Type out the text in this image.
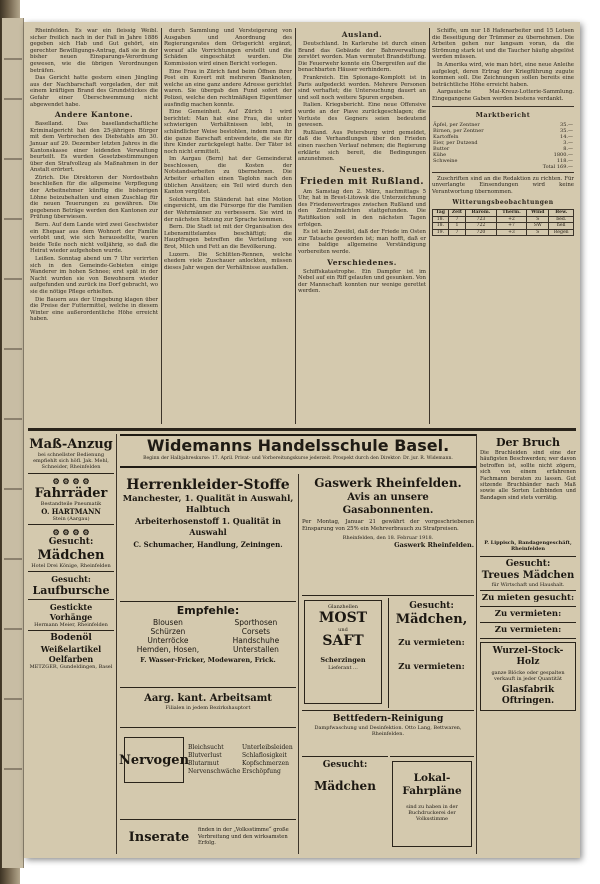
Rheinfelden. Es war ein fleissig Weibl. sicher freilich nach in der Fall in Jahre 1886 gegeben sich Hab und Gut gehört, ein gerechter Bewilligungs-Antrag, daß sie in der bisher neuen Einsparungs-Verordnung gewesen, wie die übrigen Verordnungen beträfen.

Das Gericht hatte gestern einen Jüngling aus der Nachbarschaft vorgeladen, der mit einem kräftigen Brand des Grundstückes die Gefahr einer Überschwemmung nicht abgewendet habe.

Andere Kantone.

Baselland. Das basellandschaftliche Kriminalgericht hat den 25-jährigen Bürger mit dem Verbrechen des Diebstahls am 30. Januar auf 29. Dezember letzten Jahres in die Kantonskasse einer leidenden Verwaltung beurteilt. Es wurden Gesetzbestimmungen über den Strafvollzug als Maßnahmen in der Anstalt erörtert.

Zürich. Die Direktoren der Nordostbahn beschließen für die allgemeine Verpflegung der Arbeitnehmer künftig die bisherigen Löhne beizubehalten und einen Zuschlag für die neuen Teuerungen zu gewähren. Die gegebenen Beträge werden den Kantonen zur Prüfung überwiesen.

Bern. Auf dem Lande wird zwei Geschwister ein Ehepaar aus dem Wohnort der Familie verlobt und, wie sich herausstellte, waren beide Teile noch nicht volljährig, so daß die Heirat wieder aufgehoben wurde.

Leißen. Sonntag abend um 7 Uhr verirrten sich in den Gemeinde-Gebieten einige Wanderer im hohen Schnee; erst spät in der Nacht wurden sie von Bewohnern wieder aufgefunden und zurück ins Dorf gebracht, wo sie die nötige Pflege erhielten.

Die Bauern aus der Umgebung klagen über die Preise der Futtermittel, welche in diesem Winter eine außerordentliche Höhe erreicht haben.

durch Sammlung und Versteigerung von Ausgaben und Anordnung des Regierungsrates dem Ortsgericht ergänzt, worauf alle Vorrichtungen erstellt und die Schäden eingeschätzt wurden. Die Kommission wird einen Bericht vorlegen.

Eine Frau in Zürich fand beim Öffnen ihrer Post ein Kuvert mit mehreren Banknoten, welche an eine ganz andere Adresse gerichtet waren. Sie übergab den Fund sofort der Polizei, welche den rechtmäßigen Eigentümer ausfindig machen konnte.

Eine Gemeinheit. Auf Zürich 1 wird berichtet: Man hat eine Frau, die unter schwierigen Verhältnissen lebt, in schändlicher Weise bestohlen, indem man ihr die ganze Barschaft entwendete, die sie für ihre Kinder zurückgelegt hatte. Der Täter ist noch nicht ermittelt.

Im Aargau (Bern) hat der Gemeinderat beschlossen, die Kosten der Notstandsarbeiten zu übernehmen. Die Arbeiter erhalten einen Taglohn nach den üblichen Ansätzen; ein Teil wird durch den Kanton vergütet.

Solothurn. Ein Ständerat hat eine Motion eingereicht, um die Fürsorge für die Familien der Wehrmänner zu verbessern. Sie wird in der nächsten Sitzung zur Sprache kommen.

Bern. Die Stadt ist mit der Organisation des Lebensmittelamtes beschäftigt; die Hauptfragen betreffen die Verteilung von Brot, Milch und Fett an die Bevölkerung.

Luzern. Die Schlitten-Rennen, welche ehedem viele Zuschauer anlockten, müssen dieses Jahr wegen der Verhältnisse ausfallen.

Ausland.

Deutschland. In Karlsruhe ist durch einen Brand das Gebäude der Bahnverwaltung zerstört worden. Man vermutet Brandstiftung. Die Feuerwehr konnte ein Übergreifen auf die benachbarten Häuser verhindern.

Frankreich. Ein Spionage-Komplott ist in Paris aufgedeckt worden. Mehrere Personen sind verhaftet; die Untersuchung dauert an und soll noch weitere Spuren ergeben.

Italien. Kriegsbericht. Eine neue Offensive wurde an der Piave zurückgeschlagen; die Verluste des Gegners seien bedeutend gewesen.

Rußland. Aus Petersburg wird gemeldet, daß die Verhandlungen über den Frieden einen raschen Verlauf nehmen; die Regierung erklärte sich bereit, die Bedingungen anzunehmen.

Neuestes.
Frieden mit Rußland.

Am Samstag den 2. März, nachmittags 5 Uhr, hat in Brest-Litowsk die Unterzeichnung des Friedensvertrages zwischen Rußland und den Zentralmächten stattgefunden. Die Ratifikation soll in den nächsten Tagen erfolgen.

Es ist kein Zweifel, daß der Friede im Osten zur Tatsache geworden ist; man hofft, daß er eine baldige allgemeine Verständigung vorbereiten werde.

Verschiedenes.

Schiffskatastrophe. Ein Dampfer ist im Nebel auf ein Riff gelaufen und gesunken. Von der Mannschaft konnten nur wenige gerettet werden.

Schiffe, um nur 18 Hafenarbeiter und 15 Lotsen die Beseitigung der Trümmer zu übernehmen. Die Arbeiten gehen nur langsam voran, da die Strömung stark ist und die Taucher häufig abgelöst werden müssen.

In Amerika wird, wie man hört, eine neue Anleihe aufgelegt, deren Ertrag der Kriegführung zugute kommen soll. Die Zeichnungen sollen bereits eine beträchtliche Höhe erreicht haben.

Aargauische Mai-Kreuz-Lotterie-Sammlung. Eingegangene Gaben werden bestens verdankt.

Marktbericht
Äpfel, per Zentner	35.—
Birnen, per Zentner	35.—
Kartoffeln	14.—
Eier, per Dutzend	3.—
Butter	8.—
Kühe	1800.—
Schweine	118.—
	Total 169.—

Zuschriften sind an die Redaktion zu richten. Für unverlangte Einsendungen wird keine Verantwortung übernommen.

Witterungsbeobachtungen
Tag	Zeit	Barom.	Therm.	Wind	Bew.
18.	7	723	+2	S	bed.
18.	1	722	+7	SW	hell
19.	7	720	+3	S	Regen
Maß-Anzug
bei schnellster Bedienung empfiehlt sich höfl. Jak. Mehl, Schneider, Rheinfelden
⚙ ⚙ ⚙ ⚙
Fahrräder
Bestandteile Pneumatik
O. HARTMANN
Stein (Aargau)
⚙ ⚙ ⚙ ⚙
Gesucht:
Mädchen
Hotel Drei Könige, Rheinfelden
Gesucht:
Laufbursche
Gestickte Vorhänge
Hermann Meier, Rheinfelden
Bodenöl
Weißelartikel
Oelfarben
METZGER, Gundeldingen, Basel
Widemanns Handelsschule Basel.
Beginn der Halbjahreskurse: 17. April. Privat- und Vorbereitungskurse jederzeit. Prospekt durch den Direktor: Dr. jur. R. Widemann.
Herrenkleider-Stoffe
Manchester, 1. Qualität in Auswahl,
Halbtuch
Arbeiterhosenstoff 1. Qualität in Auswahl
C. Schumacher, Handlung, Zeiningen.
Empfehle:
Blousen
Schürzen
Unterröcke
Hemden, Hosen,
Sporthosen
Corsets
Handschuhe
Unterstallen
F. Wasser-Fricker, Modewaren, Frick.
Aarg. kant. Arbeitsamt
Filialen in jedem Bezirkshauptort
Nervogen
Bleichsucht
Blutverlust
Blutarmut
Nervenschwäche
Unterleibsleiden
Schlaflosigkeit
Kopfschmerzen
Erschöpfung
Inserate	finden in der „Volksstimme“ große Verbreitung und den wirksamsten Erfolg.
Gaswerk Rheinfelden.
Avis an unsere Gasabonnenten.
Per Montag, Januar 21 gewährt der vorgeschriebenen Einsparung von 25% ein Mehrverbrauch zu Strafpreisen.
Rheinfelden, den 18. Februar 1918.
Gaswerk Rheinfelden.
Glanzhellen
MOST
und
SAFT
Scherzingen
Lieferant ...
Gesucht:
Mädchen,
Zu vermieten:
Zu vermieten:
Bettfedern-Reinigung
Dampfwaschung und Desinfektion. Otto Lang, Bettwaren, Rheinfelden.
Gesucht:
Mädchen
Lokal-Fahrpläne
sind zu haben in der Buchdruckerei der Volksstimme
Der Bruch
Die Bruchleiden sind eine der häufigsten Beschwerden; wer davon betroffen ist, sollte nicht zögern, sich von einem erfahrenen Fachmann beraten zu lassen. Gut sitzende Bruchbänder nach Maß sowie alle Sorten Leibbinden und Bandagen sind stets vorrätig.
P. Lippisch, Bandagengeschäft, Rheinfelden
Gesucht:
Treues Mädchen
für Wirtschaft und Haushalt.
Zu mieten gesucht:
Zu vermieten:
Zu vermieten:
Wurzel-Stock-Holz
ganze Blöcke oder gespalten verkauft in jeder Quantität
Glasfabrik Oftringen.
